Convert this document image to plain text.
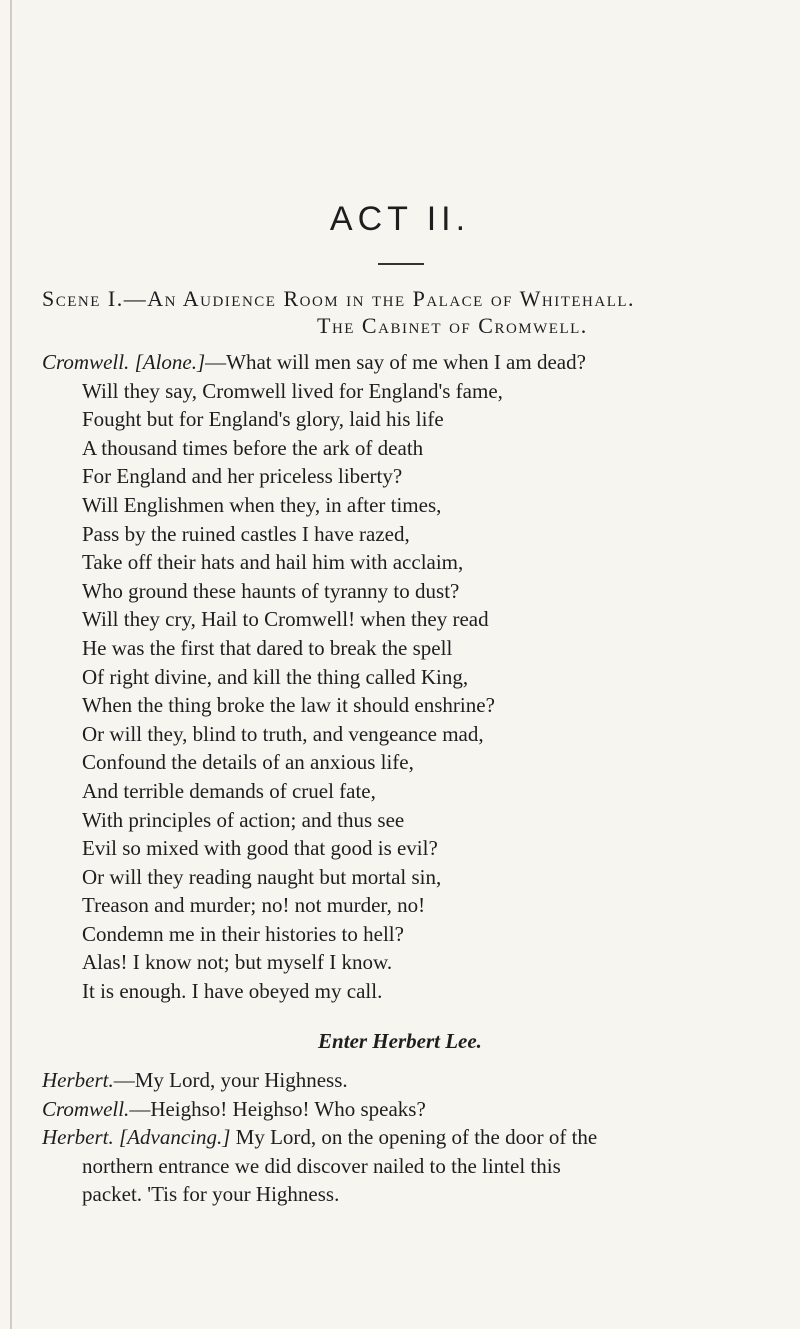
ACT II.
Scene I.—An Audience Room in the Palace of Whitehall.
The Cabinet of Cromwell.
Cromwell. [Alone.]—What will men say of me when I am dead?
Will they say, Cromwell lived for England's fame,
Fought but for England's glory, laid his life
A thousand times before the ark of death
For England and her priceless liberty?
Will Englishmen when they, in after times,
Pass by the ruined castles I have razed,
Take off their hats and hail him with acclaim,
Who ground these haunts of tyranny to dust?
Will they cry, Hail to Cromwell! when they read
He was the first that dared to break the spell
Of right divine, and kill the thing called King,
When the thing broke the law it should enshrine?
Or will they, blind to truth, and vengeance mad,
Confound the details of an anxious life,
And terrible demands of cruel fate,
With principles of action; and thus see
Evil so mixed with good that good is evil?
Or will they reading naught but mortal sin,
Treason and murder; no! not murder, no!
Condemn me in their histories to hell?
Alas! I know not; but myself I know.
It is enough. I have obeyed my call.
Enter Herbert Lee.
Herbert.—My Lord, your Highness.
Cromwell.—Heighso! Heighso! Who speaks?
Herbert. [Advancing.] My Lord, on the opening of the door of the
northern entrance we did discover nailed to the lintel this
packet. 'Tis for your Highness.
